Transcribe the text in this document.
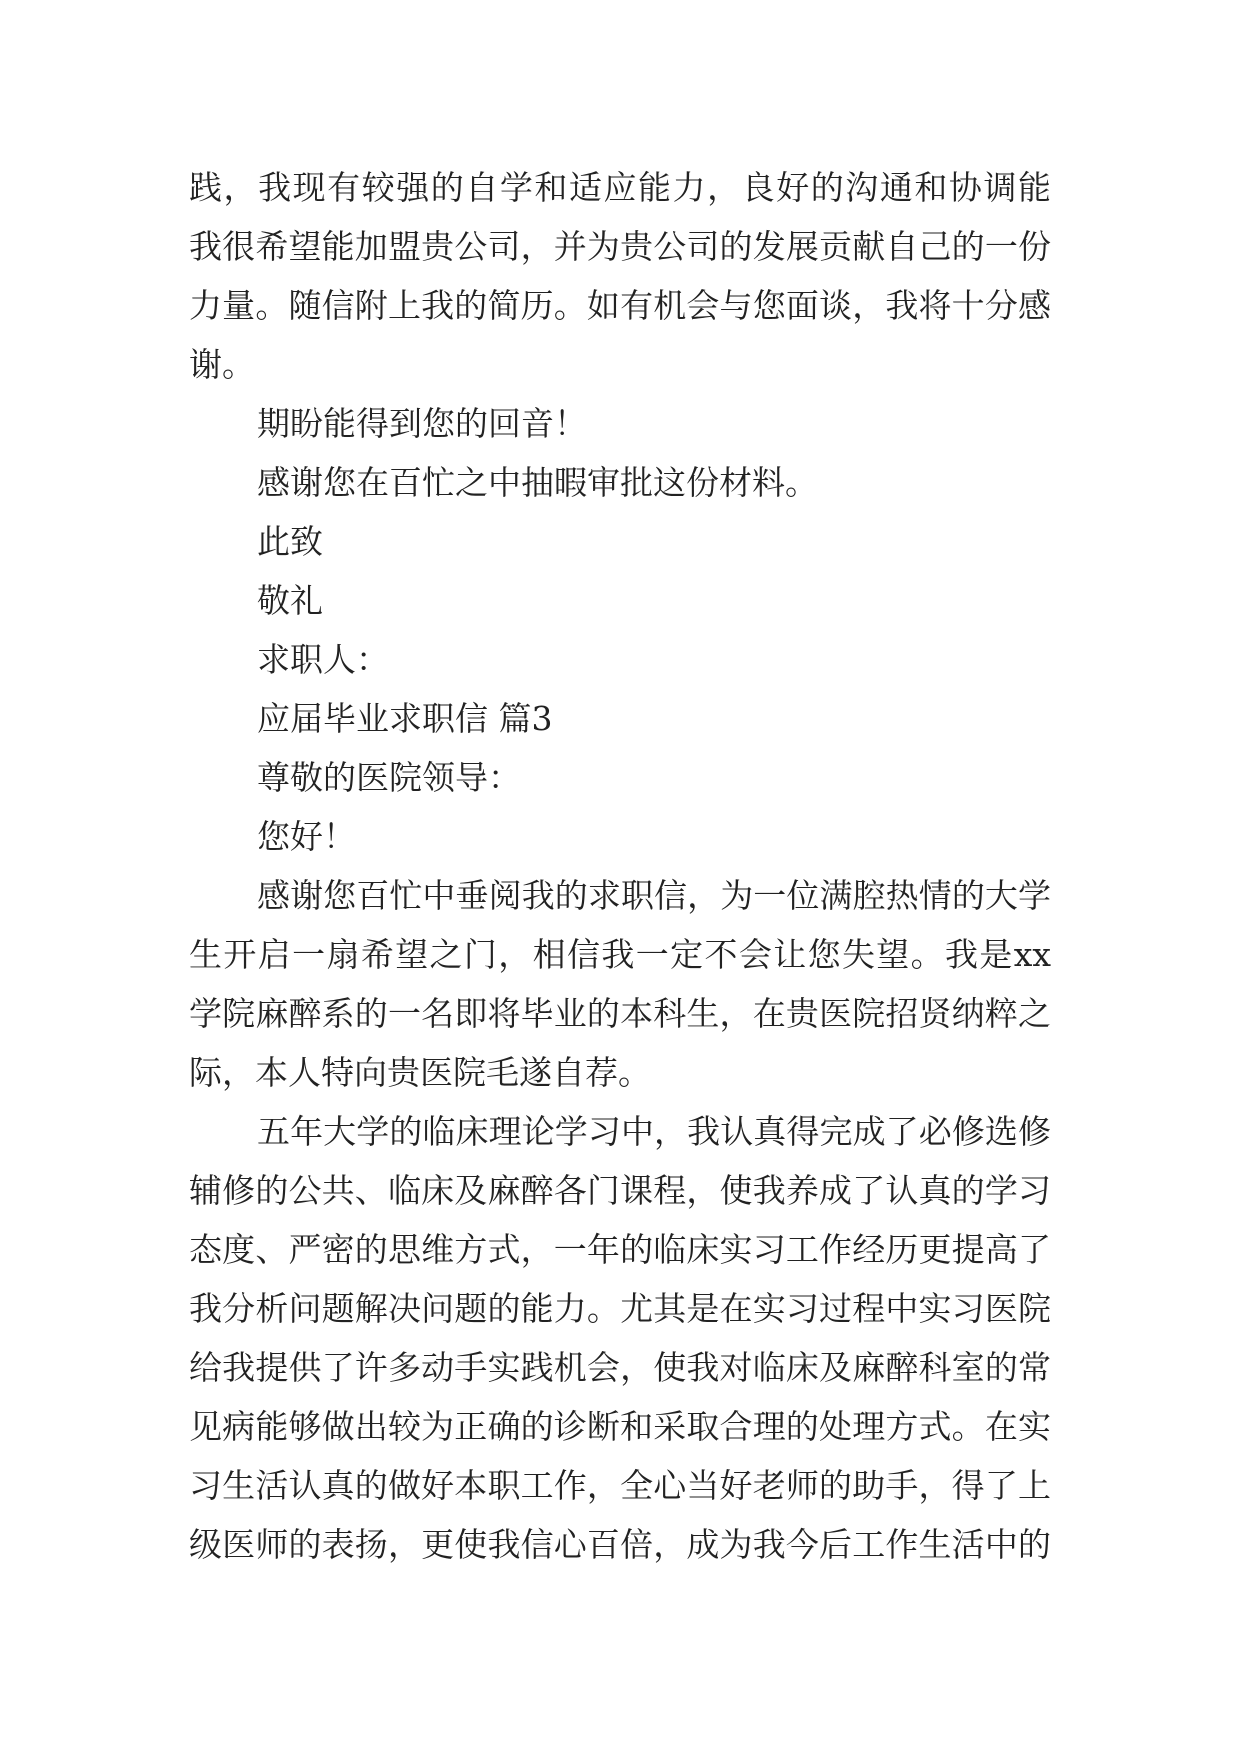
践，我现有较强的自学和适应能力，良好的沟通和协调能
我很希望能加盟贵公司，并为贵公司的发展贡献自己的一份
力量。随信附上我的简历。如有机会与您面谈，我将十分感
谢。
期盼能得到您的回音！
感谢您在百忙之中抽暇审批这份材料。
此致
敬礼
求职人：
应届毕业求职信 篇3
尊敬的医院领导：
您好！
感谢您百忙中垂阅我的求职信，为一位满腔热情的大学
生开启一扇希望之门，相信我一定不会让您失望。我是xx
学院麻醉系的一名即将毕业的本科生，在贵医院招贤纳粹之
际，本人特向贵医院毛遂自荐。
五年大学的临床理论学习中，我认真得完成了必修选修
辅修的公共、临床及麻醉各门课程，使我养成了认真的学习
态度、严密的思维方式，一年的临床实习工作经历更提高了
我分析问题解决问题的能力。尤其是在实习过程中实习医院
给我提供了许多动手实践机会，使我对临床及麻醉科室的常
见病能够做出较为正确的诊断和采取合理的处理方式。在实
习生活认真的做好本职工作，全心当好老师的助手，得了上
级医师的表扬，更使我信心百倍，成为我今后工作生活中的
